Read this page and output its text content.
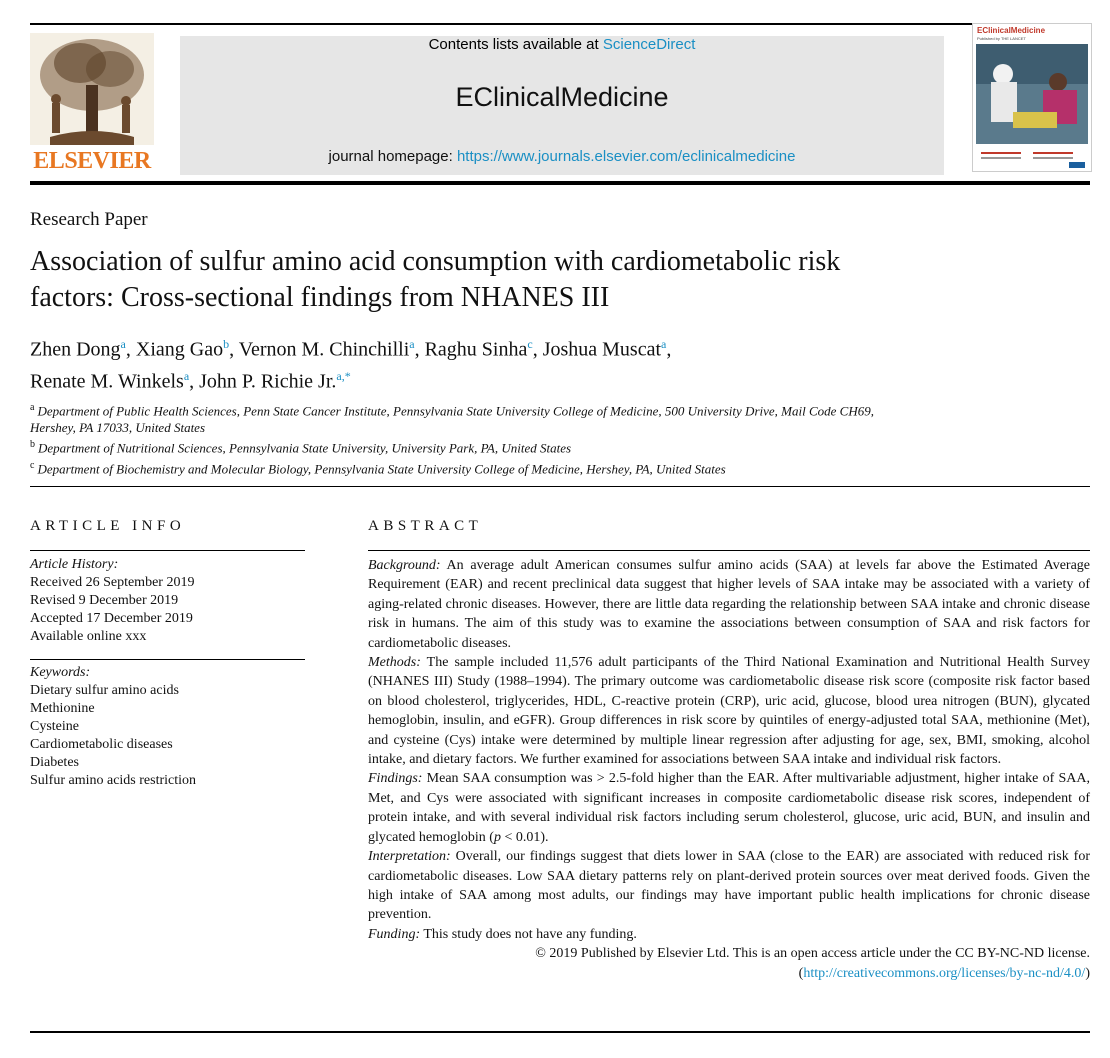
ELSEVIER
Contents lists available at ScienceDirect
EClinicalMedicine
journal homepage: https://www.journals.elsevier.com/eclinicalmedicine
EClinicalMedicine
Published by THE LANCET
Research Paper
Association of sulfur amino acid consumption with cardiometabolic risk
factors: Cross-sectional findings from NHANES III
Zhen Dong$^a$, Xiang Gao$^b$, Vernon M. Chinchilli$^a$, Raghu Sinha$^c$, Joshua Muscat$^a$,
Renate M. Winkels$^a$, John P. Richie Jr.$^{a,*}$
$^a$ Department of Public Health Sciences, Penn State Cancer Institute, Pennsylvania State University College of Medicine, 500 University Drive, Mail Code CH69,
Hershey, PA 17033, United States
$^b$ Department of Nutritional Sciences, Pennsylvania State University, University Park, PA, United States
$^c$ Department of Biochemistry and Molecular Biology, Pennsylvania State University College of Medicine, Hershey, PA, United States
ARTICLE INFO
Article History:
Received 26 September 2019
Revised 9 December 2019
Accepted 17 December 2019
Available online xxx
Keywords:
Dietary sulfur amino acids
Methionine
Cysteine
Cardiometabolic diseases
Diabetes
Sulfur amino acids restriction
ABSTRACT

Background: An average adult American consumes sulfur amino acids (SAA) at levels far above the Estimated Average Requirement (EAR) and recent preclinical data suggest that higher levels of SAA intake may be associated with a variety of aging-related chronic diseases. However, there are little data regarding the relationship between SAA intake and chronic disease risk in humans. The aim of this study was to examine the associations between consumption of SAA and risk factors for cardiometabolic diseases.

Methods: The sample included 11,576 adult participants of the Third National Examination and Nutritional Health Survey (NHANES III) Study (1988–1994). The primary outcome was cardiometabolic disease risk score (composite risk factor based on blood cholesterol, triglycerides, HDL, C-reactive protein (CRP), uric acid, glucose, blood urea nitrogen (BUN), glycated hemoglobin, insulin, and eGFR). Group differences in risk score by quintiles of energy-adjusted total SAA, methionine (Met), and cysteine (Cys) intake were determined by multiple linear regression after adjusting for age, sex, BMI, smoking, alcohol intake, and dietary factors. We further examined for associations between SAA intake and individual risk factors.

Findings: Mean SAA consumption was > 2.5-fold higher than the EAR. After multivariable adjustment, higher intake of SAA, Met, and Cys were associated with significant increases in composite cardiometabolic disease risk scores, independent of protein intake, and with several individual risk factors including serum cholesterol, glucose, uric acid, BUN, and insulin and glycated hemoglobin (p < 0.01).

Interpretation: Overall, our findings suggest that diets lower in SAA (close to the EAR) are associated with reduced risk for cardiometabolic diseases. Low SAA dietary patterns rely on plant-derived protein sources over meat derived foods. Given the high intake of SAA among most adults, our findings may have important public health implications for chronic disease prevention.

Funding: This study does not have any funding.

© 2019 Published by Elsevier Ltd. This is an open access article under the CC BY-NC-ND license.

(http://creativecommons.org/licenses/by-nc-nd/4.0/)
